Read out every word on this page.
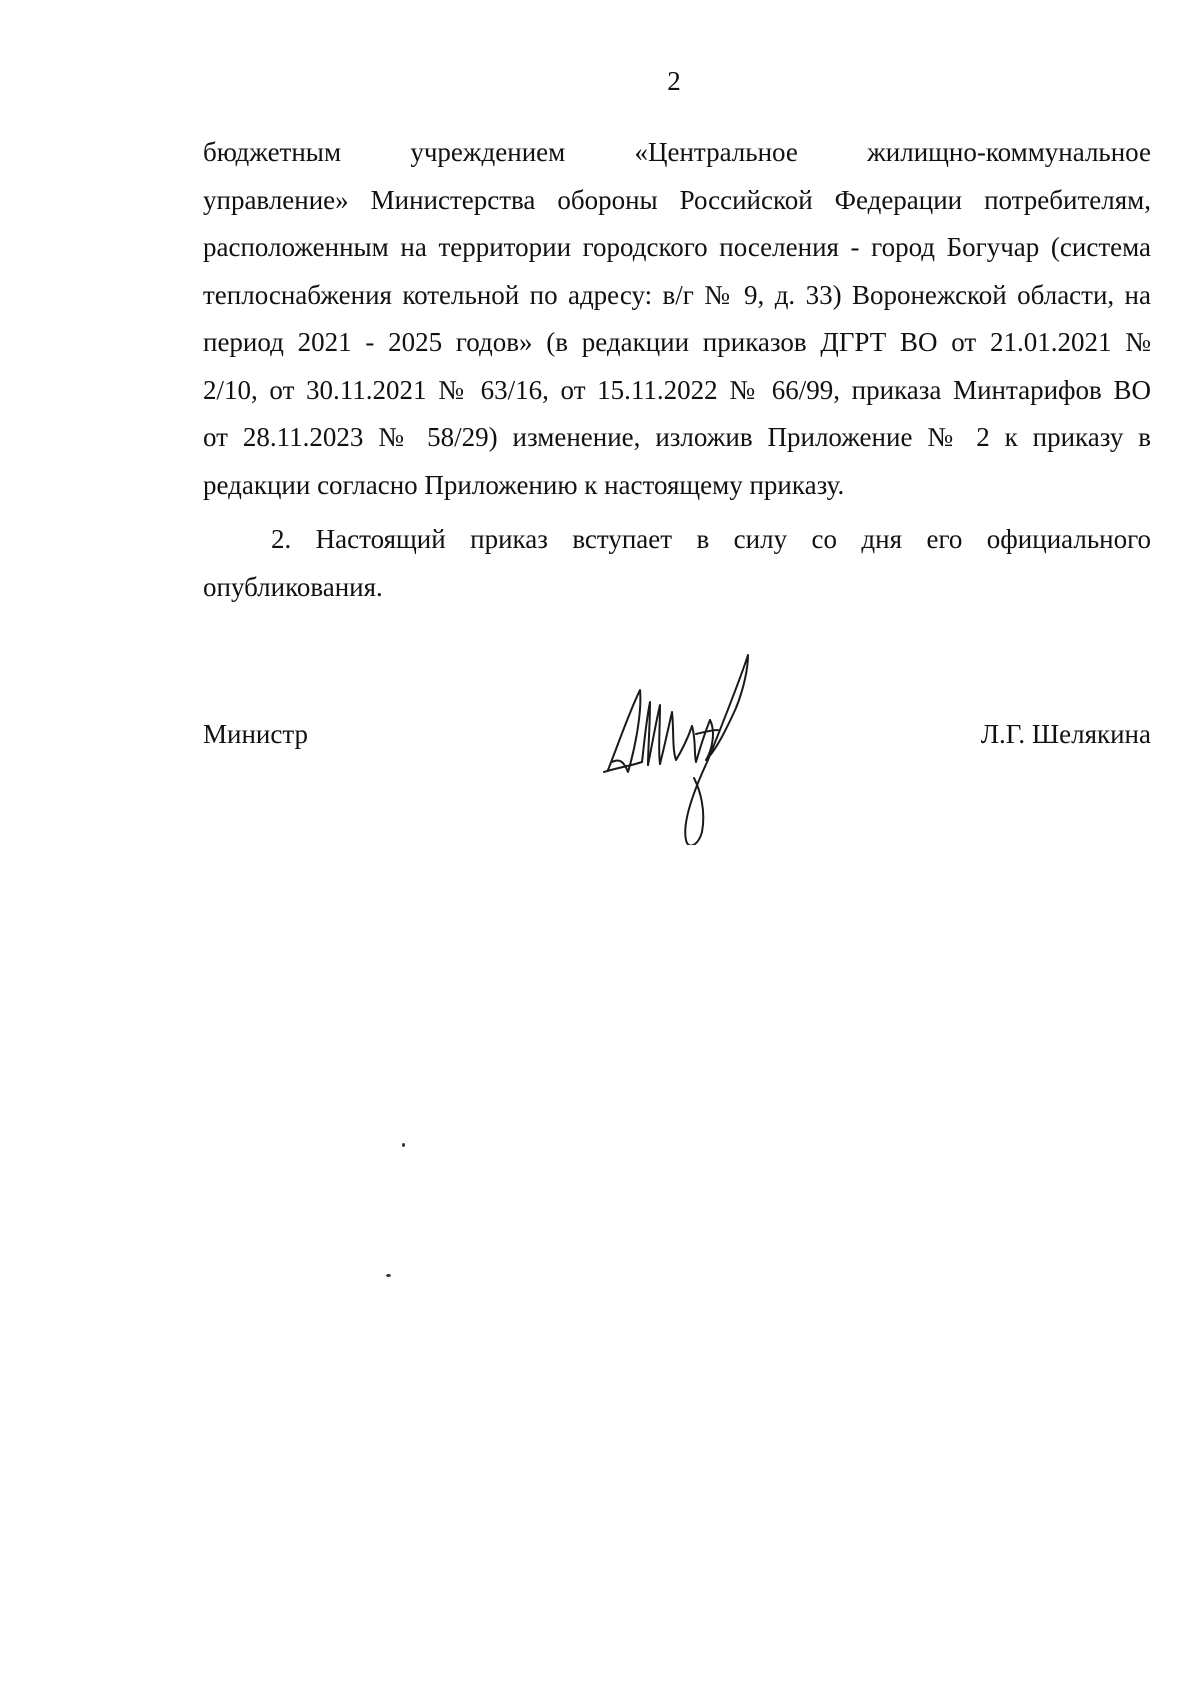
2

бюджетным учреждением «Центральное жилищно-коммунальное
управление» Министерства обороны Российской Федерации потребителям,
расположенным на территории городского поселения - город Богучар (система
теплоснабжения котельной по адресу: в/г № 9, д. 33) Воронежской области, на
период 2021 - 2025 годов» (в редакции приказов ДГРТ ВО от 21.01.2021 №
2/10, от 30.11.2021 № 63/16, от 15.11.2022 № 66/99, приказа Минтарифов ВО
от 28.11.2023 № 58/29) изменение, изложив Приложение № 2 к приказу в
редакции согласно Приложению к настоящему приказу.

2. Настоящий приказ вступает в силу со дня его официального
опубликования.

Министр	Л.Г. Шелякина
